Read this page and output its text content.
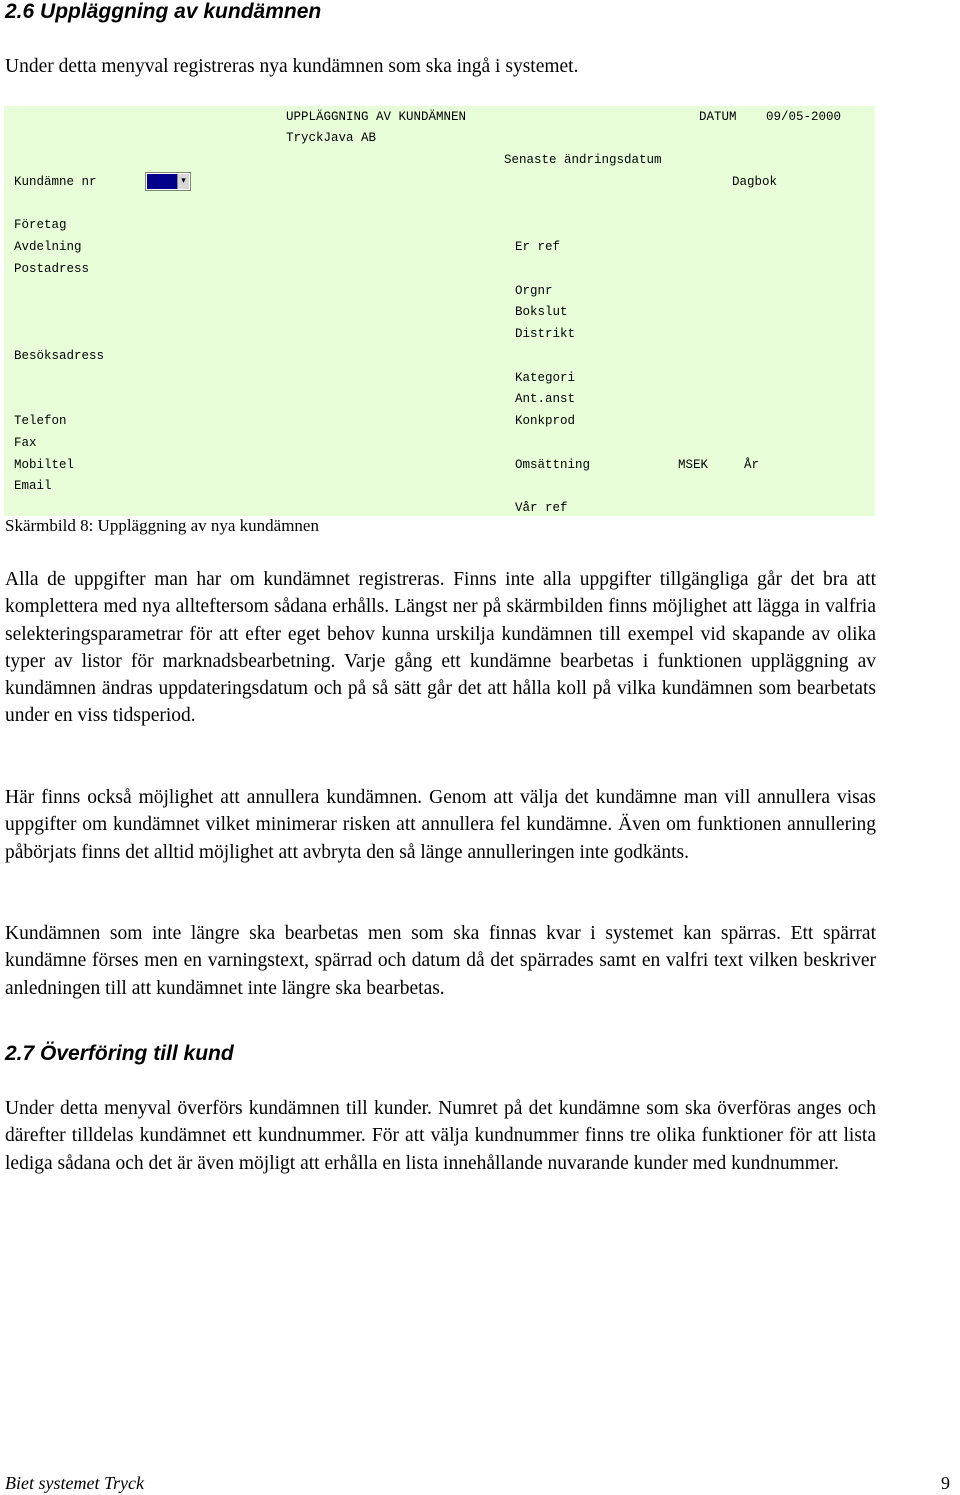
2.6 Uppläggning av kundämnen

Under detta menyval registreras nya kundämnen som ska ingå i systemet.

UPPLÄGGNING AV KUNDÄMNEN
TryckJava AB
DATUM 09/05-2000
Senaste ändringsdatum
Kundämne nr	▾	Dagbok
Företag
Avdelning
Postadress
Besöksadress
Telefon
Fax
Mobiltel
Email
Er ref
Orgnr
Bokslut
Distrikt
Kategori
Ant.anst
Konkprod
Omsättning	MSEK	År
Vår ref
Skärmbild 8: Uppläggning av nya kundämnen

Alla de uppgifter man har om kundämnet registreras. Finns inte alla uppgifter tillgängliga går det bra att komplettera med nya allteftersom sådana erhålls. Längst ner på skärmbilden finns möjlighet att lägga in valfria selekteringsparametrar för att efter eget behov kunna urskilja kundämnen till exempel vid skapande av olika typer av listor för marknadsbearbetning. Varje gång ett kundämne bearbetas i funktionen uppläggning av kundämnen ändras uppdateringsdatum och på så sätt går det att hålla koll på vilka kundämnen som bearbetats under en viss tidsperiod.

Här finns också möjlighet att annullera kundämnen. Genom att välja det kundämne man vill annullera visas uppgifter om kundämnet vilket minimerar risken att annullera fel kundämne. Även om funktionen annullering påbörjats finns det alltid möjlighet att avbryta den så länge annulleringen inte godkänts.

Kundämnen som inte längre ska bearbetas men som ska finnas kvar i systemet kan spärras. Ett spärrat kundämne förses men en varningstext, spärrad och datum då det spärrades samt en valfri text vilken beskriver anledningen till att kundämnet inte längre ska bearbetas.

2.7 Överföring till kund

Under detta menyval överförs kundämnen till kunder. Numret på det kundämne som ska överföras anges och därefter tilldelas kundämnet ett kundnummer. För att välja kundnummer finns tre olika funktioner för att lista lediga sådana och det är även möjligt att erhålla en lista innehållande nuvarande kunder med kundnummer.

Biet systemet Tryck	9
